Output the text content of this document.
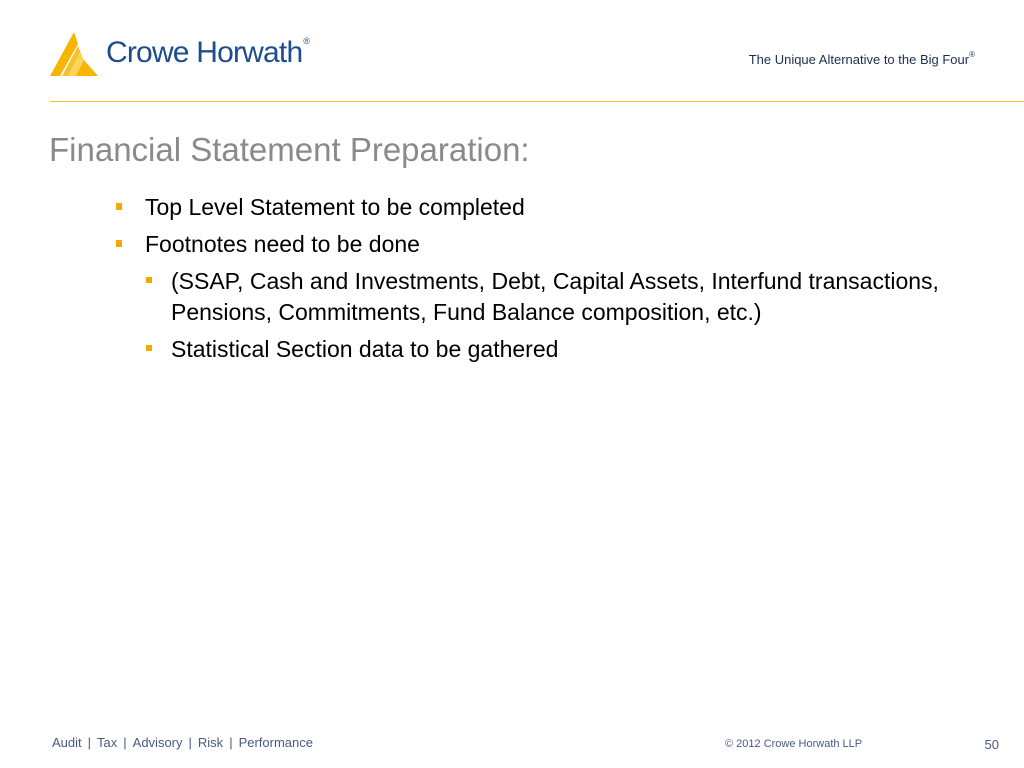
Crowe Horwath®
The Unique Alternative to the Big Four®
Financial Statement Preparation:
Top Level Statement to be completed
Footnotes need to be done
(SSAP, Cash and Investments, Debt, Capital Assets, Interfund transactions, Pensions, Commitments, Fund Balance composition, etc.)
Statistical Section data to be gathered
Audit | Tax | Advisory | Risk | Performance	© 2012 Crowe Horwath LLP	50
